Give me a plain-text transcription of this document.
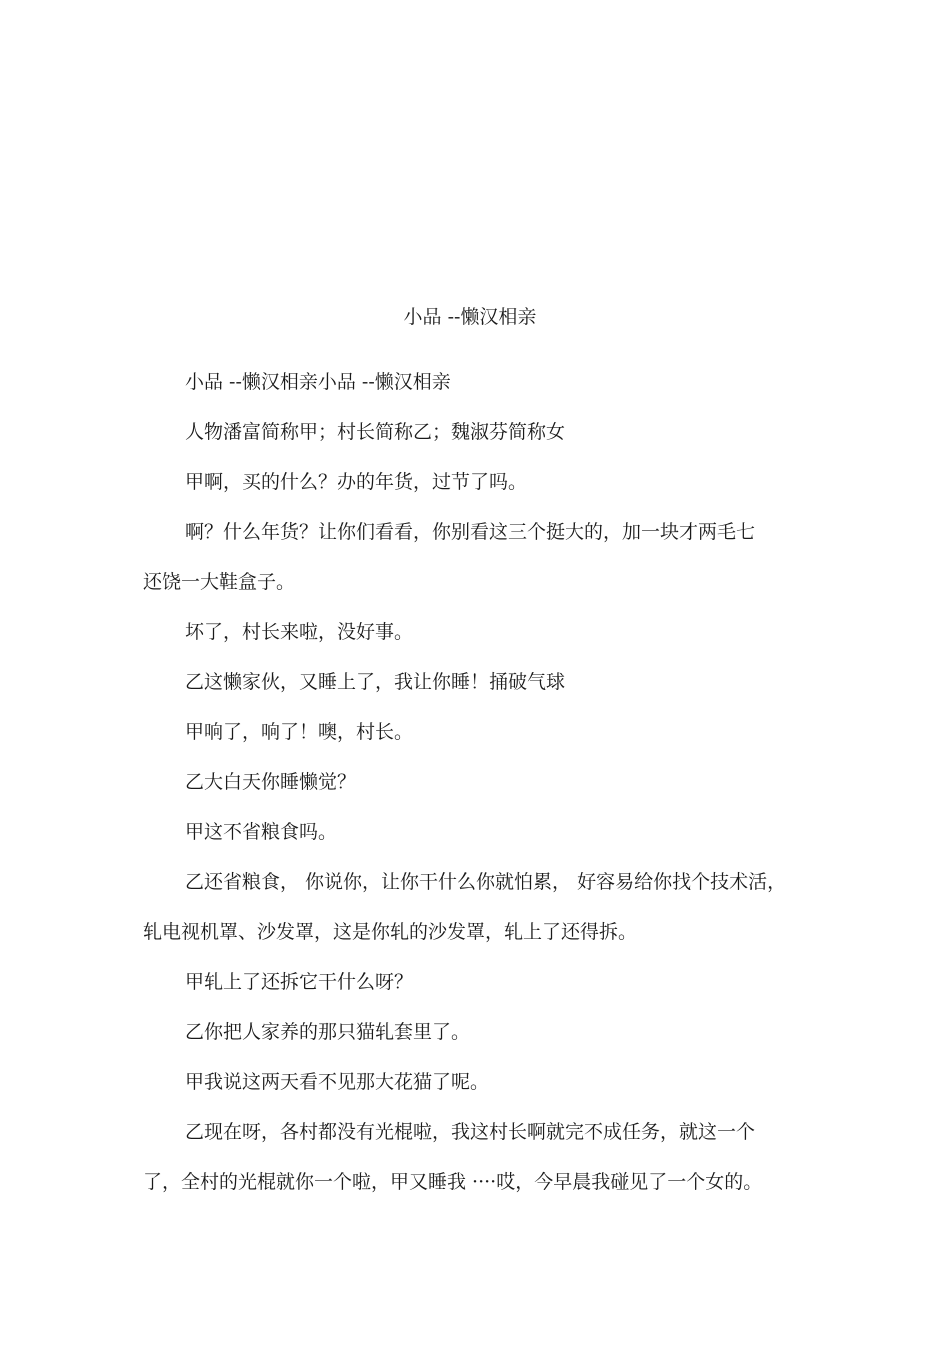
小品 --懒汉相亲

小品 --懒汉相亲小品 --懒汉相亲

人物潘富简称甲；村长简称乙；魏淑芬简称女

甲啊，买的什么？办的年货，过节了吗。

啊？什么年货？让你们看看，你别看这三个挺大的，加一块才两毛七

还饶一大鞋盒子。

坏了，村长来啦，没好事。

乙这懒家伙，又睡上了，我让你睡！捅破气球

甲响了，响了！噢，村长。

乙大白天你睡懒觉？

甲这不省粮食吗。

乙还省粮食， 你说你，让你干什么你就怕累， 好容易给你找个技术活，

轧电视机罩、沙发罩，这是你轧的沙发罩，轧上了还得拆。

甲轧上了还拆它干什么呀？

乙你把人家养的那只猫轧套里了。

甲我说这两天看不见那大花猫了呢。

乙现在呀，各村都没有光棍啦，我这村长啊就完不成任务，就这一个

了，全村的光棍就你一个啦，甲又睡我 ····哎，今早晨我碰见了一个女的。
